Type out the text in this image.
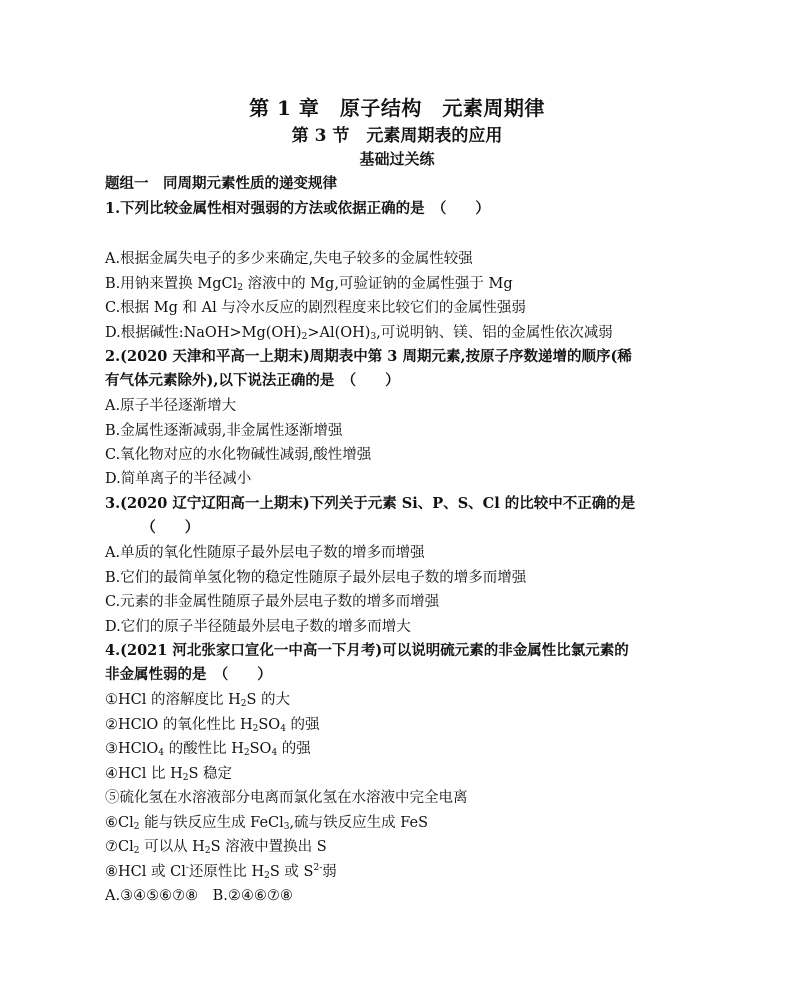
第 1 章　原子结构　元素周期律
第 3 节　元素周期表的应用
基础过关练
题组一　同周期元素性质的递变规律
1.下列比较金属性相对强弱的方法或依据正确的是　（　　）
A.根据金属失电子的多少来确定,失电子较多的金属性较强
B.用钠来置换 MgCl$_2$ 溶液中的 Mg,可验证钠的金属性强于 Mg
C.根据 Mg 和 Al 与冷水反应的剧烈程度来比较它们的金属性强弱
D.根据碱性$:NaOH>Mg(OH)_2>Al(OH)_3$,可说明钠、镁、铝的金属性依次减弱
2.(2020 天津和平高一上期末)周期表中第 3 周期元素,按原子序数递增的顺序(稀
有气体元素除外),以下说法正确的是　（　　）
A.原子半径逐渐增大
B.金属性逐渐减弱,非金属性逐渐增强
C.氧化物对应的水化物碱性减弱,酸性增强
D.简单离子的半径减小
3.(2020 辽宁辽阳高一上期末)下列关于元素 Si、P、S、Cl 的比较中不正确的是
　　　（　　）
A.单质的氧化性随原子最外层电子数的增多而增强
B.它们的最简单氢化物的稳定性随原子最外层电子数的增多而增强
C.元素的非金属性随原子最外层电子数的增多而增强
D.它们的原子半径随最外层电子数的增多而增大
4.(2021 河北张家口宣化一中高一下月考)可以说明硫元素的非金属性比氯元素的
非金属性弱的是　（　　）
①HCl 的溶解度比 $H_2S$ 的大
②HClO 的氧化性比 $H_2SO_4$ 的强
③HClO$_4$ 的酸性比 $H_2SO_4$ 的强
④HCl 比 $H_2S$ 稳定
⑤硫化氢在水溶液部分电离而氯化氢在水溶液中完全电离
$⑥Cl_2$ 能与铁反应生成 FeCl$_3$,硫与铁反应生成 FeS
$⑦Cl_2$ 可以从 $H_2S$ 溶液中置换出 S
⑧HCl 或 Cl-还原性比 $H_2S$ 或 $S^{2-}$弱
A.③④⑤⑥⑦⑧　B.②④⑥⑦⑧
